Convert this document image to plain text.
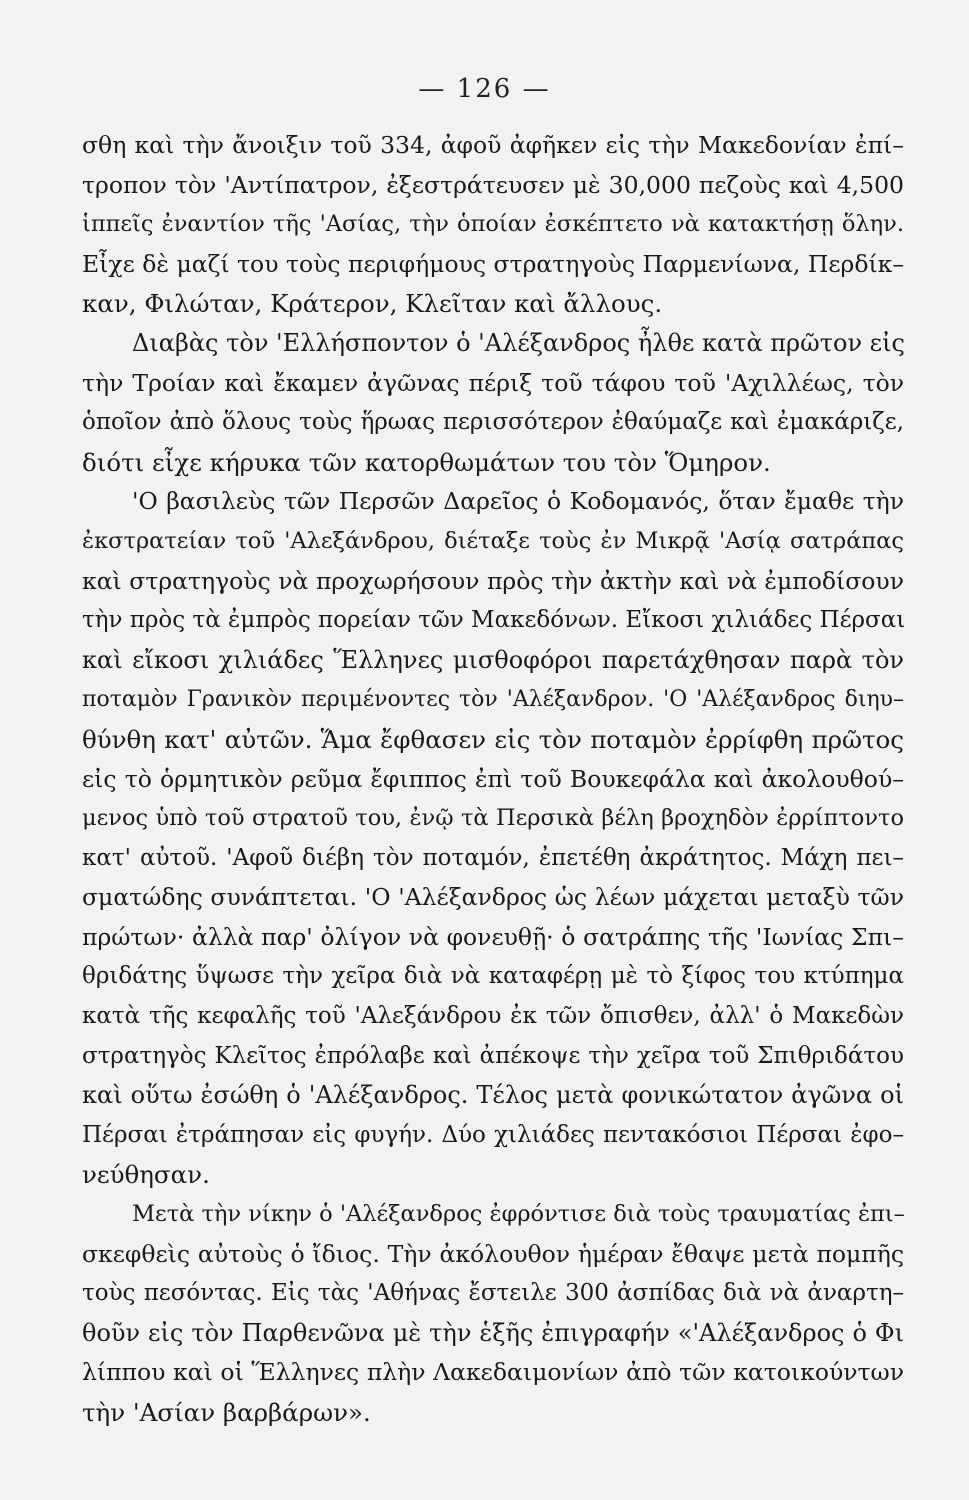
— 126 —
σθη καὶ τὴν ἄνοιξιν τοῦ 334, ἀφοῦ ἀφῆκεν εἰς τὴν Μακεδονίαν ἐπί–
τροπον τὸν 'Αντίπατρον, ἐξεστράτευσεν μὲ 30,000 πεζοὺς καὶ 4,500
ἱππεῖς ἐναντίον τῆς 'Ασίας, τὴν ὁποίαν ἐσκέπτετο νὰ κατακτήσῃ ὅλην.
Εἶχε δὲ μαζί του τοὺς περιφήμους στρατηγοὺς Παρμενίωνα, Περδίκ–
καν, Φιλώταν, Κράτερον, Κλεῖταν καὶ ἄλλους.
Διαβὰς τὸν 'Ελλήσποντον ὁ 'Αλέξανδρος ἦλθε κατὰ πρῶτον εἰς
τὴν Τροίαν καὶ ἔκαμεν ἀγῶνας πέριξ τοῦ τάφου τοῦ 'Αχιλλέως, τὸν
ὁποῖον ἀπὸ ὅλους τοὺς ἥρωας περισσότερον ἐθαύμαζε καὶ ἐμακάριζε,
διότι εἶχε κήρυκα τῶν κατορθωμάτων του τὸν Ὅμηρον.
'Ο βασιλεὺς τῶν Περσῶν Δαρεῖος ὁ Κοδομανός, ὅταν ἔμαθε τὴν
ἐκστρατείαν τοῦ 'Αλεξάνδρου, διέταξε τοὺς ἐν Μικρᾷ 'Ασίᾳ σατράπας
καὶ στρατηγοὺς νὰ προχωρήσουν πρὸς τὴν ἀκτὴν καὶ νὰ ἐμποδίσουν
τὴν πρὸς τὰ ἐμπρὸς πορείαν τῶν Μακεδόνων. Εἴκοσι χιλιάδες Πέρσαι
καὶ εἴκοσι χιλιάδες Ἕλληνες μισθοφόροι παρετάχθησαν παρὰ τὸν
ποταμὸν Γρανικὸν περιμένοντες τὸν 'Αλέξανδρον. 'Ο 'Αλέξανδρος διηυ–
θύνθη κατ' αὐτῶν. Ἅμα ἔφθασεν εἰς τὸν ποταμὸν ἐρρίφθη πρῶτος
εἰς τὸ ὁρμητικὸν ρεῦμα ἔφιππος ἐπὶ τοῦ Βουκεφάλα καὶ ἀκολουθού–
μενος ὑπὸ τοῦ στρατοῦ του, ἐνῷ τὰ Περσικὰ βέλη βροχηδὸν ἐρρίπτοντο
κατ' αὐτοῦ. 'Αφοῦ διέβη τὸν ποταμόν, ἐπετέθη ἀκράτητος. Μάχη πει–
σματώδης συνάπτεται. 'Ο 'Αλέξανδρος ὡς λέων μάχεται μεταξὺ τῶν
πρώτων· ἀλλὰ παρ' ὀλίγον νὰ φονευθῇ· ὁ σατράπης τῆς 'Ιωνίας Σπι–
θριδάτης ὕψωσε τὴν χεῖρα διὰ νὰ καταφέρῃ μὲ τὸ ξίφος του κτύπημα
κατὰ τῆς κεφαλῆς τοῦ 'Αλεξάνδρου ἐκ τῶν ὄπισθεν, ἀλλ' ὁ Μακεδὼν
στρατηγὸς Κλεῖτος ἐπρόλαβε καὶ ἀπέκοψε τὴν χεῖρα τοῦ Σπιθριδάτου
καὶ οὕτω ἐσώθη ὁ 'Αλέξανδρος. Τέλος μετὰ φονικώτατον ἀγῶνα οἱ
Πέρσαι ἐτράπησαν εἰς φυγήν. Δύο χιλιάδες πεντακόσιοι Πέρσαι ἐφο–
νεύθησαν.
Μετὰ τὴν νίκην ὁ 'Αλέξανδρος ἐφρόντισε διὰ τοὺς τραυματίας ἐπι–
σκεφθεὶς αὐτοὺς ὁ ἴδιος. Τὴν ἀκόλουθον ἡμέραν ἔθαψε μετὰ πομπῆς
τοὺς πεσόντας. Εἰς τὰς 'Αθήνας ἔστειλε 300 ἀσπίδας διὰ νὰ ἀναρτη–
θοῦν εἰς τὸν Παρθενῶνα μὲ τὴν ἑξῆς ἐπιγραφήν «'Αλέξανδρος ὁ Φι
λίππου καὶ οἱ Ἕλληνες πλὴν Λακεδαιμονίων ἀπὸ τῶν κατοικούντων
τὴν 'Ασίαν βαρβάρων».
